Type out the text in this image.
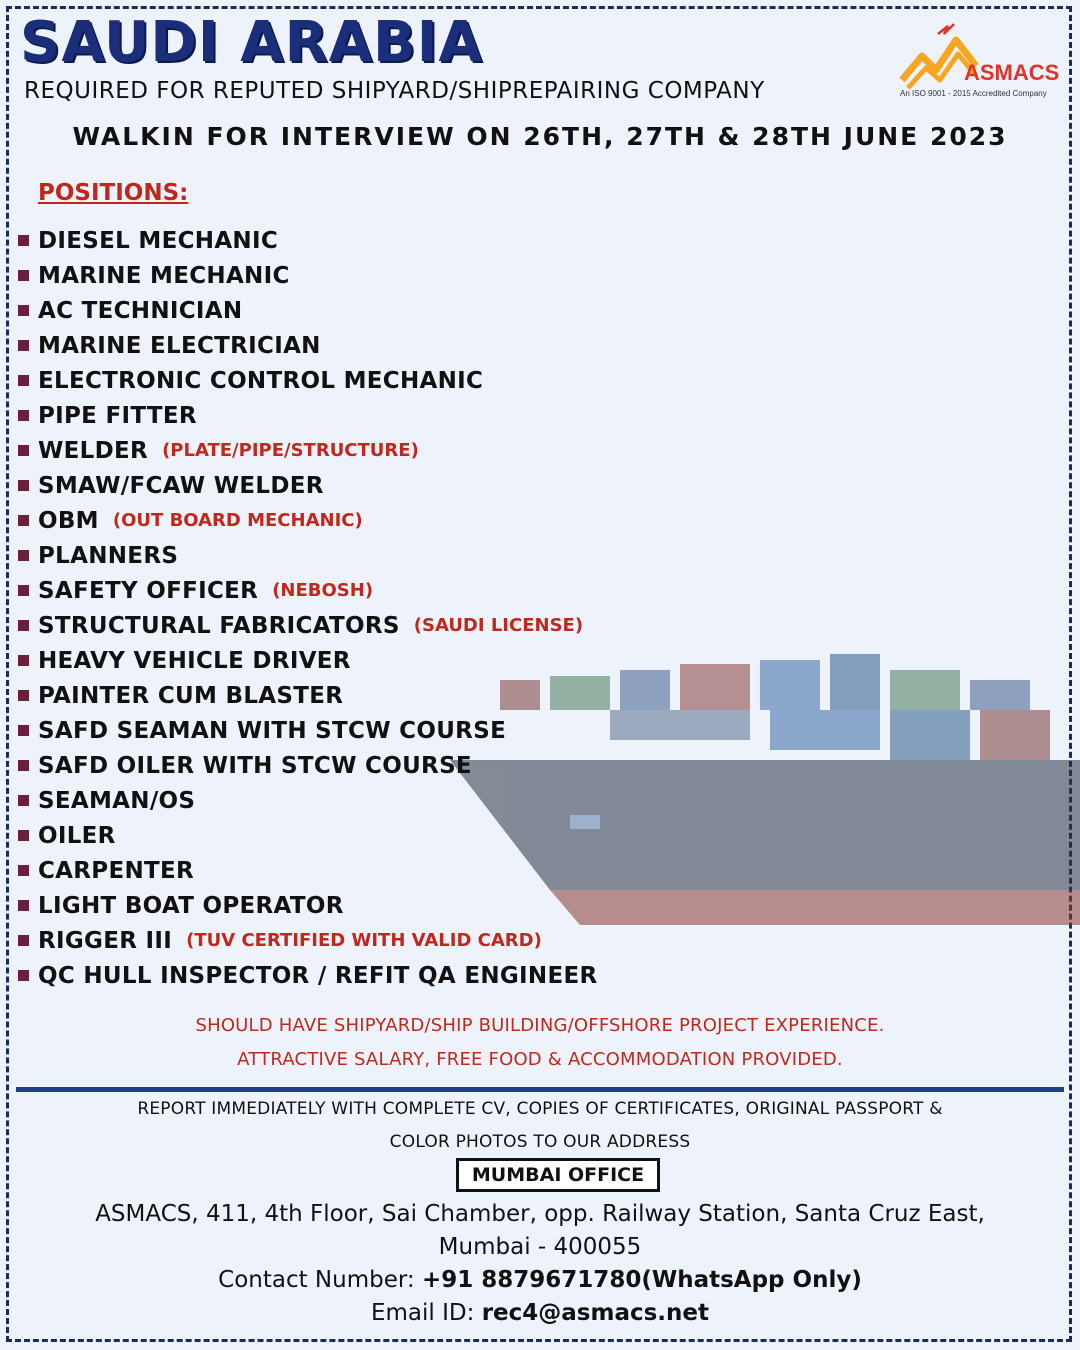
SAUDI ARABIA
REQUIRED FOR REPUTED SHIPYARD/SHIPREPAIRING COMPANY
WALKIN FOR INTERVIEW ON 26TH, 27TH & 28TH JUNE 2023
ASMACS
An ISO 9001 - 2015 Accredited Company
POSITIONS:
DIESEL MECHANIC
MARINE MECHANIC
AC TECHNICIAN
MARINE ELECTRICIAN
ELECTRONIC CONTROL MECHANIC
PIPE FITTER
WELDER (PLATE/PIPE/STRUCTURE)
SMAW/FCAW WELDER
OBM (OUT BOARD MECHANIC)
PLANNERS
SAFETY OFFICER (NEBOSH)
STRUCTURAL FABRICATORS (SAUDI LICENSE)
HEAVY VEHICLE DRIVER
PAINTER CUM BLASTER
SAFD SEAMAN WITH STCW COURSE
SAFD OILER WITH STCW COURSE
SEAMAN/OS
OILER
CARPENTER
LIGHT BOAT OPERATOR
RIGGER III (TUV CERTIFIED WITH VALID CARD)
QC HULL INSPECTOR / REFIT QA ENGINEER
SHOULD HAVE SHIPYARD/SHIP BUILDING/OFFSHORE PROJECT EXPERIENCE.
ATTRACTIVE SALARY, FREE FOOD & ACCOMMODATION PROVIDED.
REPORT IMMEDIATELY WITH COMPLETE CV, COPIES OF CERTIFICATES, ORIGINAL PASSPORT &
COLOR PHOTOS TO OUR ADDRESS
MUMBAI OFFICE
ASMACS, 411, 4th Floor, Sai Chamber, opp. Railway Station, Santa Cruz East,
Mumbai - 400055
Contact Number: +91 8879671780(WhatsApp Only)
Email ID: rec4@asmacs.net
